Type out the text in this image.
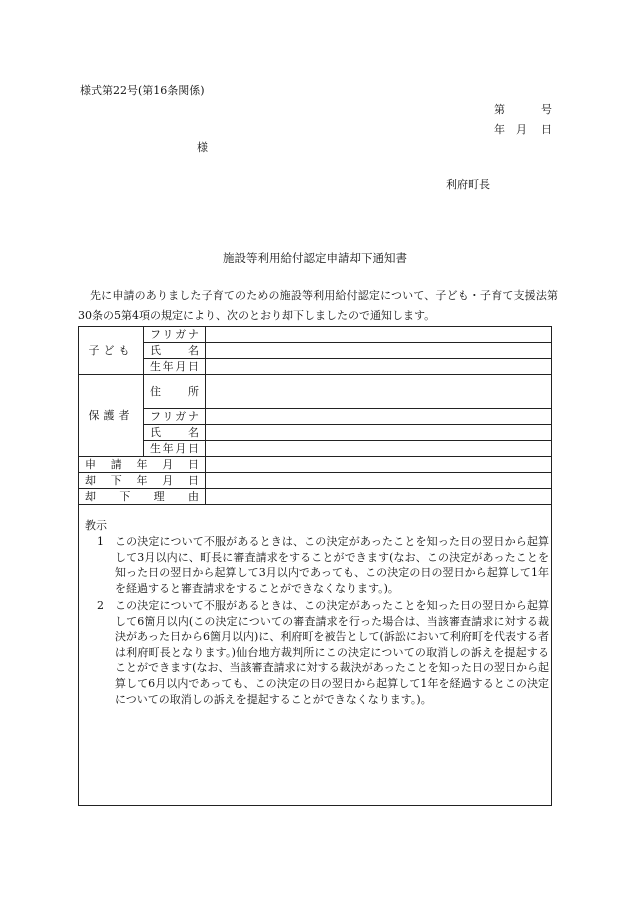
様式第22号(第16条関係)
第	号
年 月 日
様
利府町長
施設等利用給付認定申請却下通知書

先に申請のありました子育てのための施設等利用給付認定について、子ども・子育て支援法第30条の5第4項の規定により、次のとおり却下しましたので通知します。

子ども	フリガナ	
	氏名	
	生年月日	
保護者	住所	
	フリガナ	
	氏名	
	生年月日	
申請年月日		
却下年月日		
却下理由		
教示
1	この決定について不服があるときは、この決定があったことを知った日の翌日から起算して3月以内に、町長に審査請求をすることができます(なお、この決定があったことを知った日の翌日から起算して3月以内であっても、この決定の日の翌日から起算して1年を経過すると審査請求をすることができなくなります。)。
2	この決定について不服があるときは、この決定があったことを知った日の翌日から起算して6箇月以内(この決定についての審査請求を行った場合は、当該審査請求に対する裁決があった日から6箇月以内)に、利府町を被告として(訴訟において利府町を代表する者は利府町長となります。)仙台地方裁判所にこの決定についての取消しの訴えを提起することができます(なお、当該審査請求に対する裁決があったことを知った日の翌日から起算して6月以内であっても、この決定の日の翌日から起算して1年を経過するとこの決定についての取消しの訴えを提起することができなくなります。)。
